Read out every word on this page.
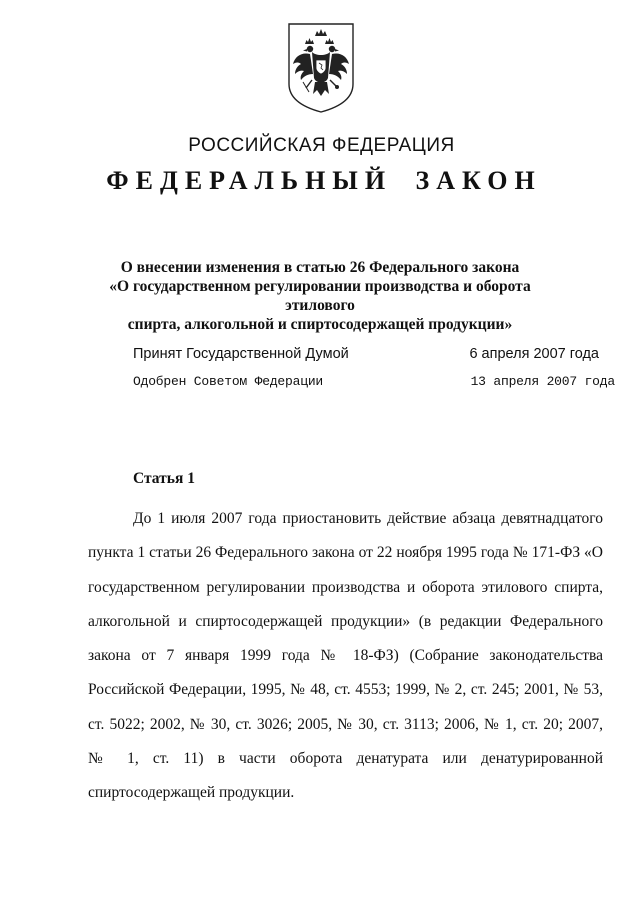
РОССИЙСКАЯ ФЕДЕРАЦИЯ
ФЕДЕРАЛЬНЫЙ ЗАКОН
О внесении изменения в статью 26 Федерального закона
«О государственном регулировании производства и оборота этилового
спирта, алкогольной и спиртосодержащей продукции»
Принят Государственной Думой	6 апреля 2007 года
Одобрен Советом Федерации	13 апреля 2007 года
Статья 1
До 1 июля 2007 года приостановить действие абзаца девятнадцатого
пункта 1 статьи 26 Федерального закона от 22 ноября 1995 года № 171-ФЗ «О
государственном регулировании производства и оборота этилового спирта,
алкогольной и спиртосодержащей продукции» (в редакции Федерального
закона от 7 января 1999 года № 18-ФЗ) (Собрание законодательства
Российской Федерации, 1995, № 48, ст. 4553; 1999, № 2, ст. 245; 2001, № 53,
ст. 5022; 2002, № 30, ст. 3026; 2005, № 30, ст. 3113; 2006, № 1, ст. 20; 2007,
№ 1, ст. 11) в части оборота денатурата или денатурированной
спиртосодержащей продукции.
